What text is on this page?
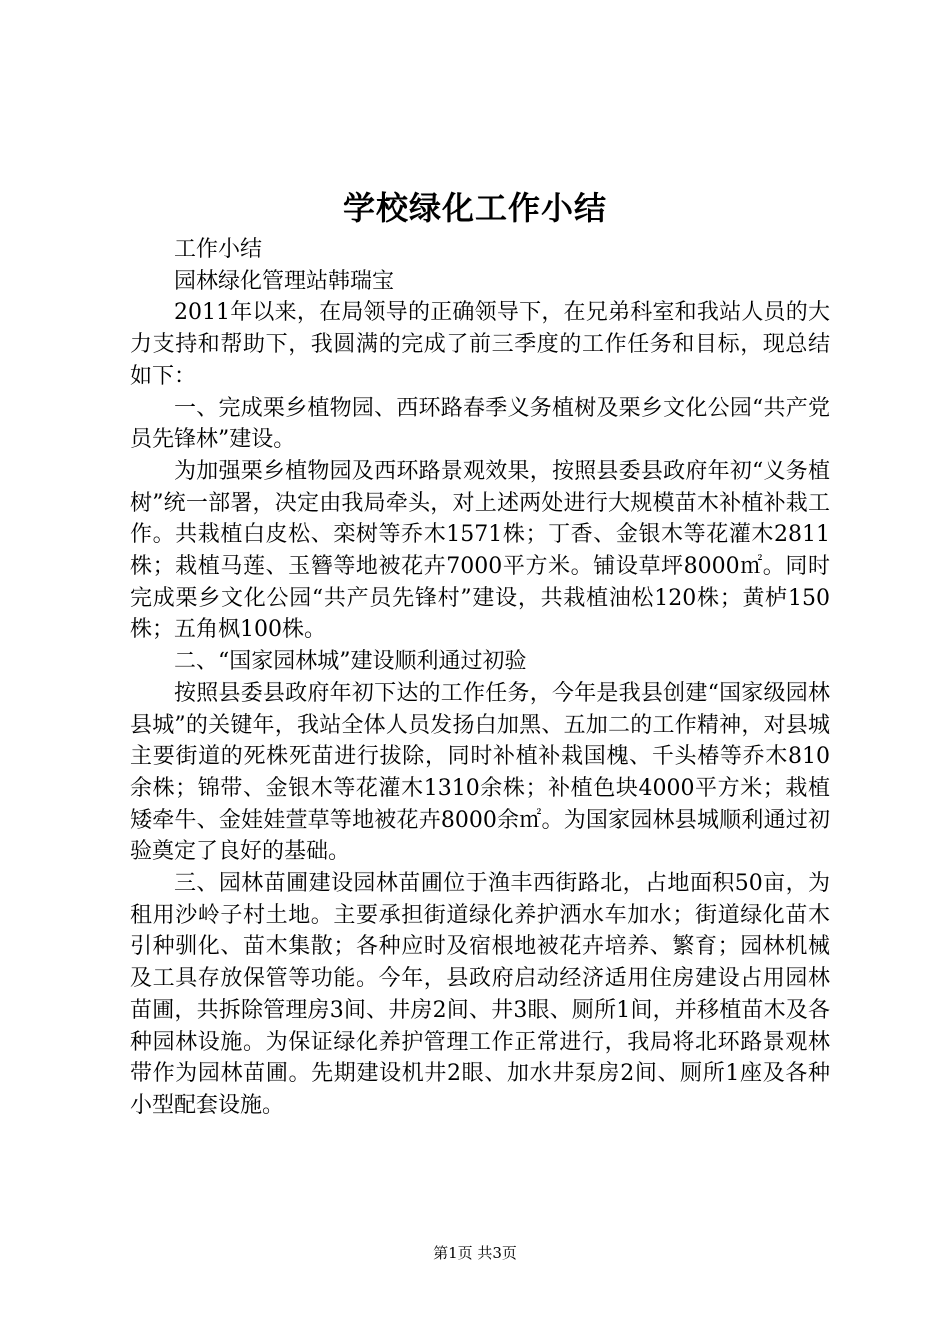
学校绿化工作小结

工作小结

园林绿化管理站韩瑞宝

2011年以来，在局领导的正确领导下，在兄弟科室和我站人员的大力支持和帮助下，我圆满的完成了前三季度的工作任务和目标，现总结如下：

一、完成栗乡植物园、西环路春季义务植树及栗乡文化公园“共产党员先锋林”建设。

为加强栗乡植物园及西环路景观效果，按照县委县政府年初“义务植树”统一部署，决定由我局牵头，对上述两处进行大规模苗木补植补栽工作。共栽植白皮松、栾树等乔木1571株；丁香、金银木等花灌木2811株；栽植马莲、玉簪等地被花卉7000平方米。铺设草坪8000㎡。同时完成栗乡文化公园“共产员先锋村”建设，共栽植油松120株；黄栌150株；五角枫100株。

二、“国家园林城”建设顺利通过初验

按照县委县政府年初下达的工作任务，今年是我县创建“国家级园林县城”的关键年，我站全体人员发扬白加黑、五加二的工作精神，对县城主要街道的死株死苗进行拔除，同时补植补栽国槐、千头椿等乔木810余株；锦带、金银木等花灌木1310余株；补植色块4000平方米；栽植矮牵牛、金娃娃萱草等地被花卉8000余㎡。为国家园林县城顺利通过初验奠定了良好的基础。

三、园林苗圃建设园林苗圃位于渔丰西街路北，占地面积50亩，为租用沙岭子村土地。主要承担街道绿化养护洒水车加水；街道绿化苗木引种驯化、苗木集散；各种应时及宿根地被花卉培养、繁育；园林机械及工具存放保管等功能。今年，县政府启动经济适用住房建设占用园林苗圃，共拆除管理房3间、井房2间、井3眼、厕所1间，并移植苗木及各种园林设施。为保证绿化养护管理工作正常进行，我局将北环路景观林带作为园林苗圃。先期建设机井2眼、加水井泵房2间、厕所1座及各种小型配套设施。

第1页 共3页
